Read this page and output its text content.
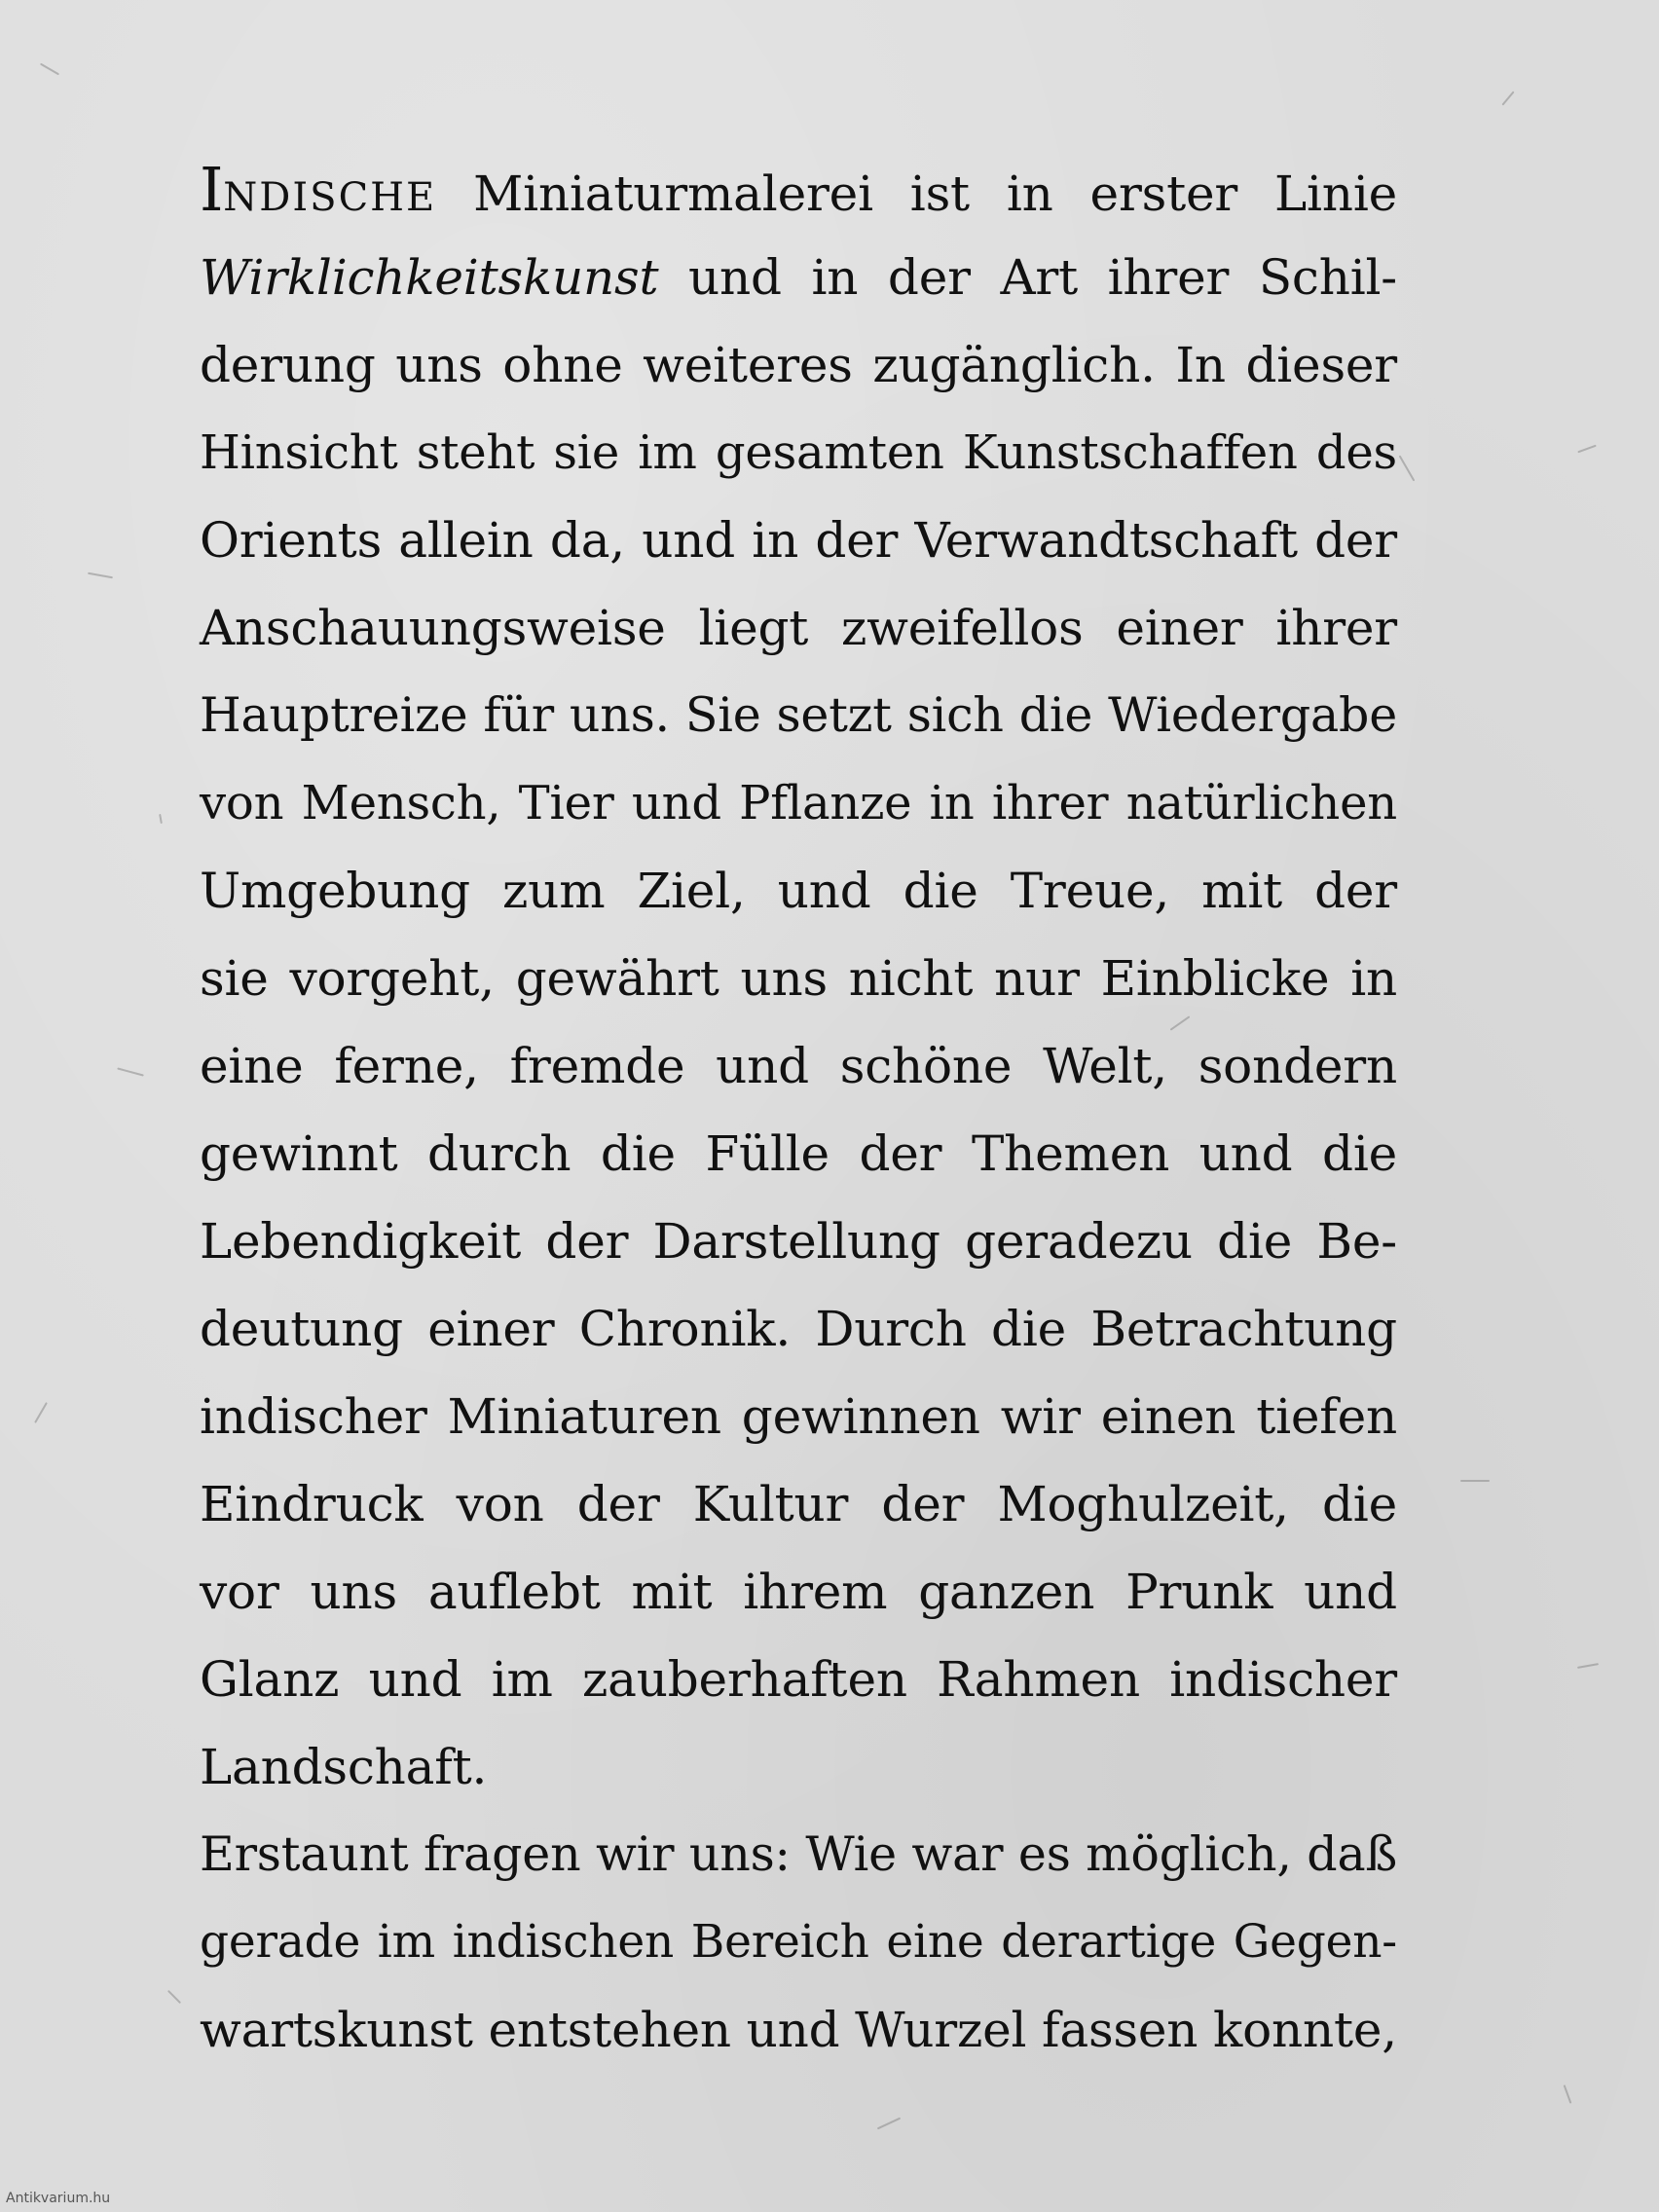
INDISCHE Miniaturmalerei ist in erster Linie
Wirklichkeitskunst und in der Art ihrer Schil-
derung uns ohne weiteres zugänglich. In dieser
Hinsicht steht sie im gesamten Kunstschaffen des
Orients allein da, und in der Verwandtschaft der
Anschauungsweise liegt zweifellos einer ihrer
Hauptreize für uns. Sie setzt sich die Wiedergabe
von Mensch, Tier und Pflanze in ihrer natürlichen
Umgebung zum Ziel, und die Treue, mit der
sie vorgeht, gewährt uns nicht nur Einblicke in
eine ferne, fremde und schöne Welt, sondern
gewinnt durch die Fülle der Themen und die
Lebendigkeit der Darstellung geradezu die Be-
deutung einer Chronik. Durch die Betrachtung
indischer Miniaturen gewinnen wir einen tiefen
Eindruck von der Kultur der Moghulzeit, die
vor uns auflebt mit ihrem ganzen Prunk und
Glanz und im zauberhaften Rahmen indischer
Landschaft.
Erstaunt fragen wir uns: Wie war es möglich, daß
gerade im indischen Bereich eine derartige Gegen-
wartskunst entstehen und Wurzel fassen konnte,
Antikvarium.hu
